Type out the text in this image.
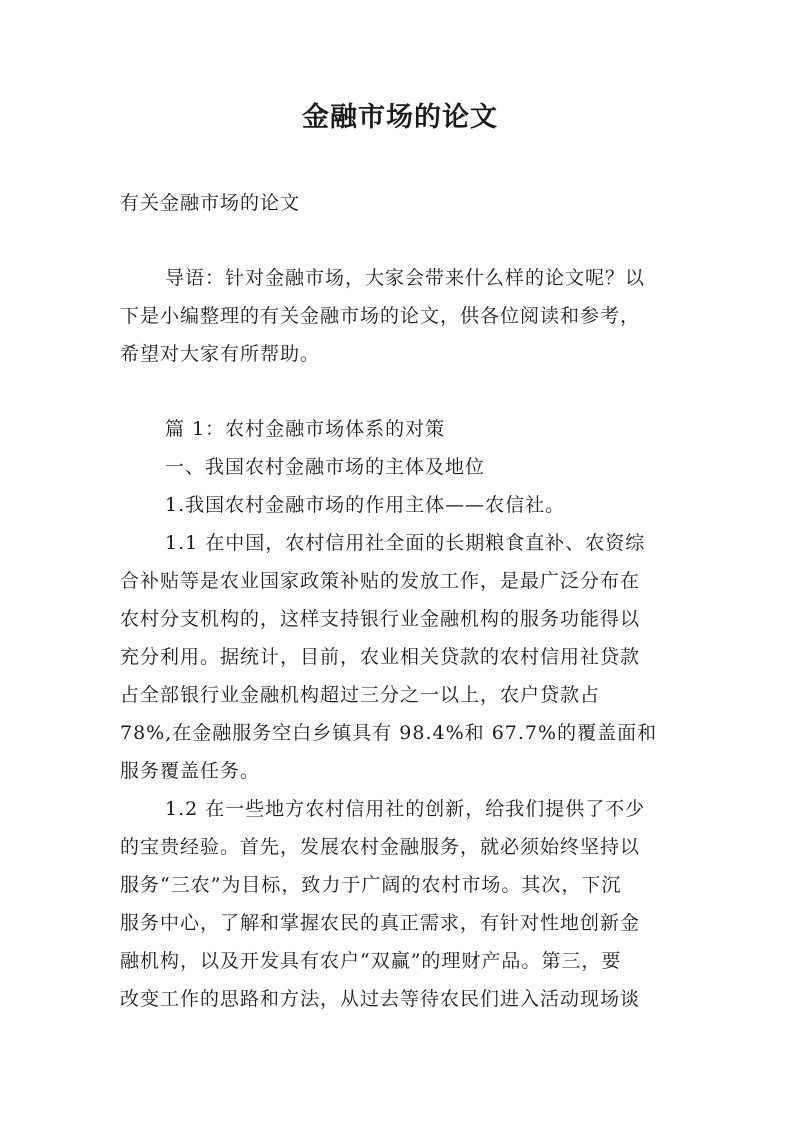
金融市场的论文

有关金融市场的论文

导语：针对金融市场，大家会带来什么样的论文呢？以

下是小编整理的有关金融市场的论文，供各位阅读和参考，

希望对大家有所帮助。

篇 1：农村金融市场体系的对策

一、我国农村金融市场的主体及地位

1.我国农村金融市场的作用主体——农信社。

1.1 在中国，农村信用社全面的长期粮食直补、农资综

合补贴等是农业国家政策补贴的发放工作，是最广泛分布在

农村分支机构的，这样支持银行业金融机构的服务功能得以

充分利用。据统计，目前，农业相关贷款的农村信用社贷款

占全部银行业金融机构超过三分之一以上，农户贷款占

78%,在金融服务空白乡镇具有 98.4%和 67.7%的覆盖面和

服务覆盖任务。

1.2 在一些地方农村信用社的创新，给我们提供了不少

的宝贵经验。首先，发展农村金融服务，就必须始终坚持以

服务“三农”为目标，致力于广阔的农村市场。其次，下沉

服务中心，了解和掌握农民的真正需求，有针对性地创新金

融机构，以及开发具有农户“双赢”的理财产品。第三，要

改变工作的思路和方法，从过去等待农民们进入活动现场谈
